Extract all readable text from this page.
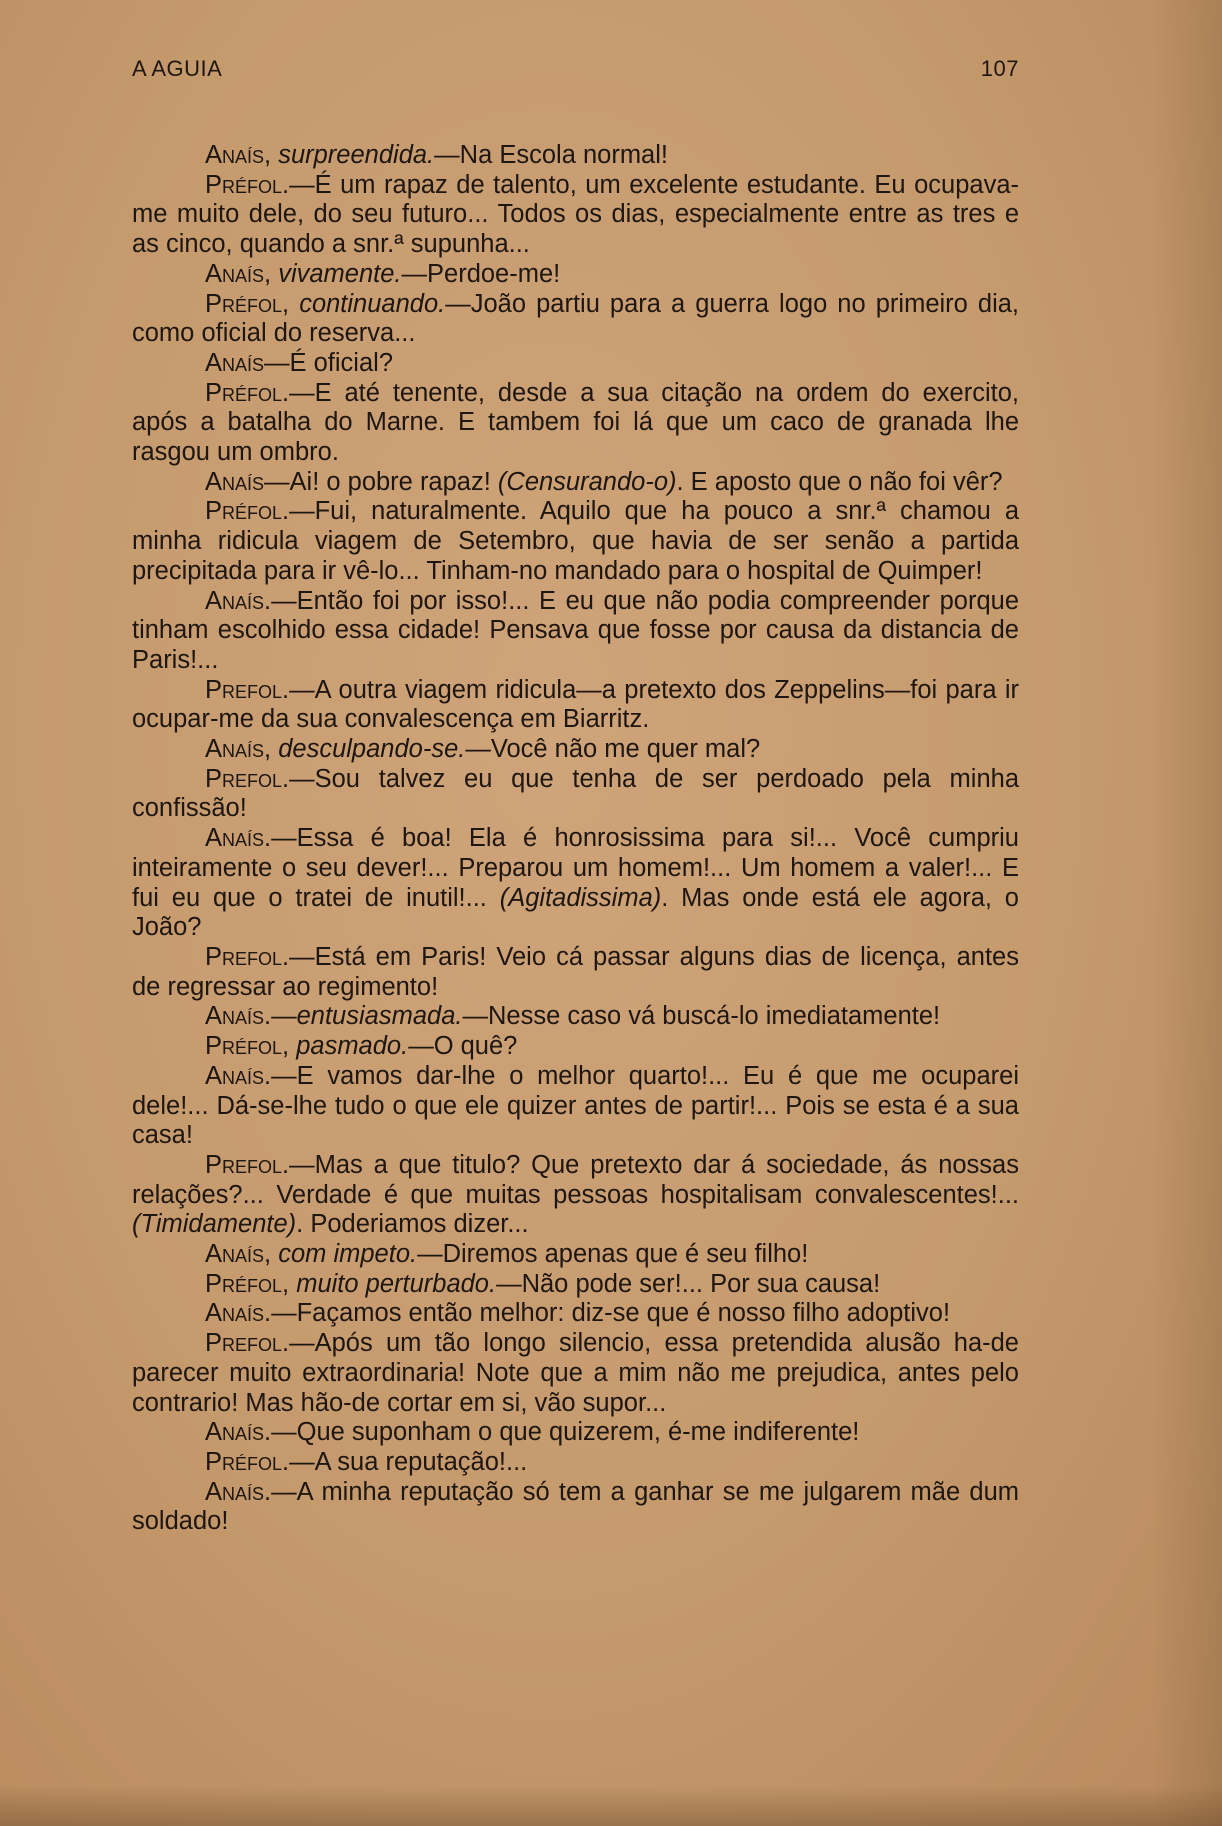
A AGUIA	107

Anaís, surpreendida.—Na Escola normal!

Préfol.—É um rapaz de talento, um excelente estudante. Eu ocupava-me muito dele, do seu futuro... Todos os dias, especialmente entre as tres e as cinco, quando a snr.ª supunha...

Anaís, vivamente.—Perdoe-me!

Préfol, continuando.—João partiu para a guerra logo no primeiro dia, como oficial do reserva...

Anaís—É oficial?

Préfol.—E até tenente, desde a sua citação na ordem do exercito, após a batalha do Marne. E tambem foi lá que um caco de granada lhe rasgou um ombro.

Anaís—Ai! o pobre rapaz! (Censurando-o). E aposto que o não foi vêr?

Préfol.—Fui, naturalmente. Aquilo que ha pouco a snr.ª chamou a minha ridicula viagem de Setembro, que havia de ser senão a partida precipitada para ir vê-lo... Tinham-no mandado para o hospital de Quimper!

Anaís.—Então foi por isso!... E eu que não podia compreender porque tinham escolhido essa cidade! Pensava que fosse por causa da distancia de Paris!...

Prefol.—A outra viagem ridicula—a pretexto dos Zeppelins—foi para ir ocupar-me da sua convalescença em Biarritz.

Anaís, desculpando-se.—Você não me quer mal?

Prefol.—Sou talvez eu que tenha de ser perdoado pela minha confissão!

Anaís.—Essa é boa! Ela é honrosissima para si!... Você cumpriu inteiramente o seu dever!... Preparou um homem!... Um homem a valer!... E fui eu que o tratei de inutil!... (Agitadissima). Mas onde está ele agora, o João?

Prefol.—Está em Paris! Veio cá passar alguns dias de licença, antes de regressar ao regimento!

Anaís.—entusiasmada.—Nesse caso vá buscá-lo imediatamente!

Préfol, pasmado.—O quê?

Anaís.—E vamos dar-lhe o melhor quarto!... Eu é que me ocuparei dele!... Dá-se-lhe tudo o que ele quizer antes de partir!... Pois se esta é a sua casa!

Prefol.—Mas a que titulo? Que pretexto dar á sociedade, ás nossas relações?... Verdade é que muitas pessoas hospitalisam convalescentes!... (Timidamente). Poderiamos dizer...

Anaís, com impeto.—Diremos apenas que é seu filho!

Préfol, muito perturbado.—Não pode ser!... Por sua causa!

Anaís.—Façamos então melhor: diz-se que é nosso filho adoptivo!

Prefol.—Após um tão longo silencio, essa pretendida alusão ha-de parecer muito extraordinaria! Note que a mim não me prejudica, antes pelo contrario! Mas hão-de cortar em si, vão supor...

Anaís.—Que suponham o que quizerem, é-me indiferente!

Préfol.—A sua reputação!...

Anaís.—A minha reputação só tem a ganhar se me julgarem mãe dum soldado!
